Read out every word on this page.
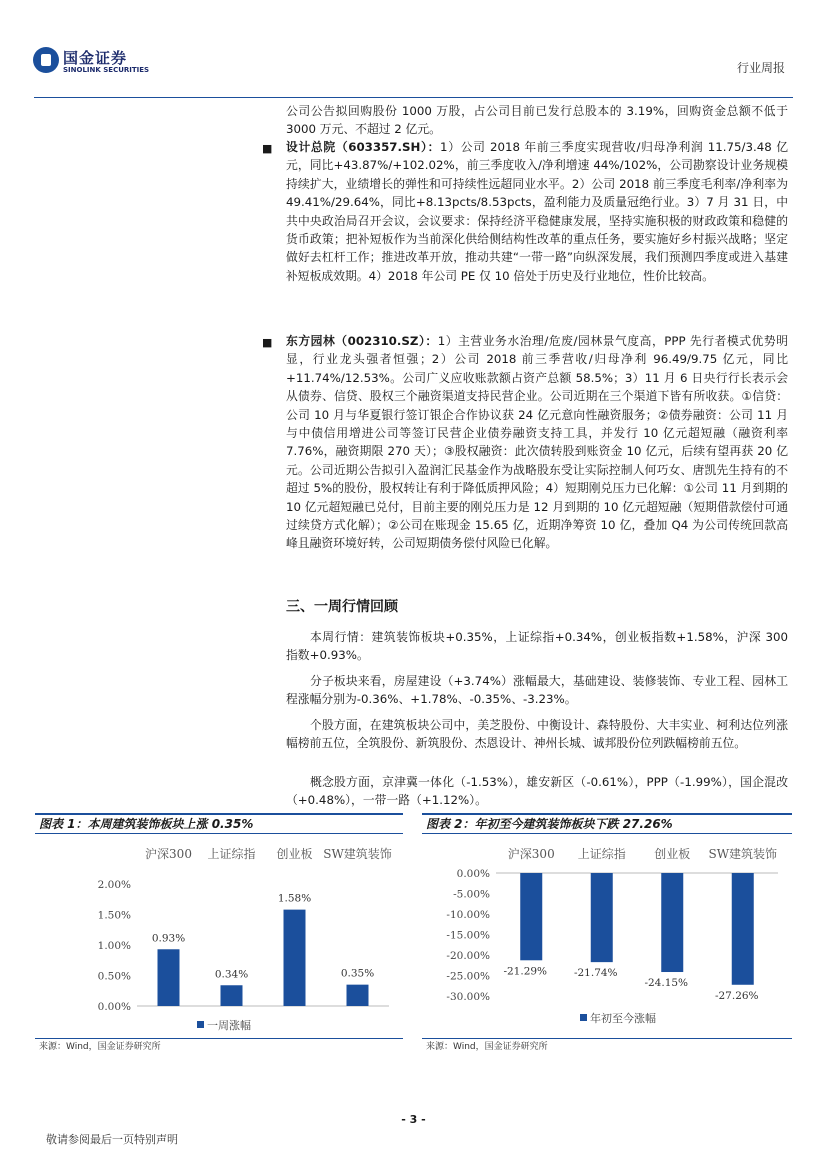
国金证券
SINOLINK SECURITIES	行业周报
公司公告拟回购股份 1000 万股，占公司目前已发行总股本的 3.19%，回购资金总额不低于 3000 万元、不超过 2 亿元。
■ 设计总院（603357.SH）：1）公司 2018 年前三季度实现营收/归母净利润 11.75/3.48 亿元，同比+43.87%/+102.02%，前三季度收入/净利增速 44%/102%，公司勘察设计业务规模持续扩大，业绩增长的弹性和可持续性远超同业水平。2）公司 2018 前三季度毛利率/净利率为 49.41%/29.64%，同比+8.13pcts/8.53pcts，盈利能力及质量冠绝行业。3）7 月 31 日，中共中央政治局召开会议，会议要求：保持经济平稳健康发展，坚持实施积极的财政政策和稳健的货币政策；把补短板作为当前深化供给侧结构性改革的重点任务，要实施好乡村振兴战略；坚定做好去杠杆工作；推进改革开放，推动共建“一带一路”向纵深发展，我们预测四季度或进入基建补短板成效期。4）2018 年公司 PE 仅 10 倍处于历史及行业地位，性价比较高。
■ 东方园林（002310.SZ）：1）主营业务水治理/危废/园林景气度高，PPP 先行者模式优势明显，行业龙头强者恒强；2）公司 2018 前三季营收/归母净利 96.49/9.75 亿元，同比+11.74%/12.53%。公司广义应收账款额占资产总额 58.5%；3）11 月 6 日央行行长表示会从债券、信贷、股权三个融资渠道支持民营企业。公司近期在三个渠道下皆有所收获。①信贷：公司 10 月与华夏银行签订银企合作协议获 24 亿元意向性融资服务；②债券融资：公司 11 月与中债信用增进公司等签订民营企业债券融资支持工具，并发行 10 亿元超短融（融资利率 7.76%，融资期限 270 天）；③股权融资：此次债转股到账资金 10 亿元，后续有望再获 20 亿元。公司近期公告拟引入盈润汇民基金作为战略股东受让实际控制人何巧女、唐凯先生持有的不超过 5%的股份，股权转让有利于降低质押风险；4）短期刚兑压力已化解：①公司 11 月到期的 10 亿元超短融已兑付，目前主要的刚兑压力是 12 月到期的 10 亿元超短融（短期借款偿付可通过续贷方式化解）；②公司在账现金 15.65 亿，近期净筹资 10 亿，叠加 Q4 为公司传统回款高峰且融资环境好转，公司短期债务偿付风险已化解。
三、一周行情回顾
本周行情：建筑装饰板块+0.35%，上证综指+0.34%，创业板指数+1.58%，沪深 300 指数+0.93%。
分子板块来看，房屋建设（+3.74%）涨幅最大，基础建设、装修装饰、专业工程、园林工程涨幅分别为-0.36%、+1.78%、-0.35%、-3.23%。
个股方面，在建筑板块公司中，美芝股份、中衡设计、森特股份、大丰实业、柯利达位列涨幅榜前五位，全筑股份、新筑股份、杰恩设计、神州长城、诚邦股份位列跌幅榜前五位。
概念股方面，京津冀一体化（-1.53%），雄安新区（-0.61%），PPP（-1.99%），国企混改（+0.48%），一带一路（+1.12%）。
图表 1：本周建筑装饰板块上涨 0.35%
2.00%
1.50%
1.00%
0.50%
0.00%
沪深300
0.93%
上证综指
0.34%
创业板
1.58%
SW建筑装饰
0.35%
一周涨幅
来源：Wind，国金证券研究所
图表 2：年初至今建筑装饰板块下跌 27.26%
0.00%
-5.00%
-10.00%
-15.00%
-20.00%
-25.00%
-30.00%
沪深300
-21.29%
上证综指
-21.74%
创业板
-24.15%
SW建筑装饰
-27.26%
年初至今涨幅
来源：Wind，国金证券研究所
- 3 -
敬请参阅最后一页特别声明
